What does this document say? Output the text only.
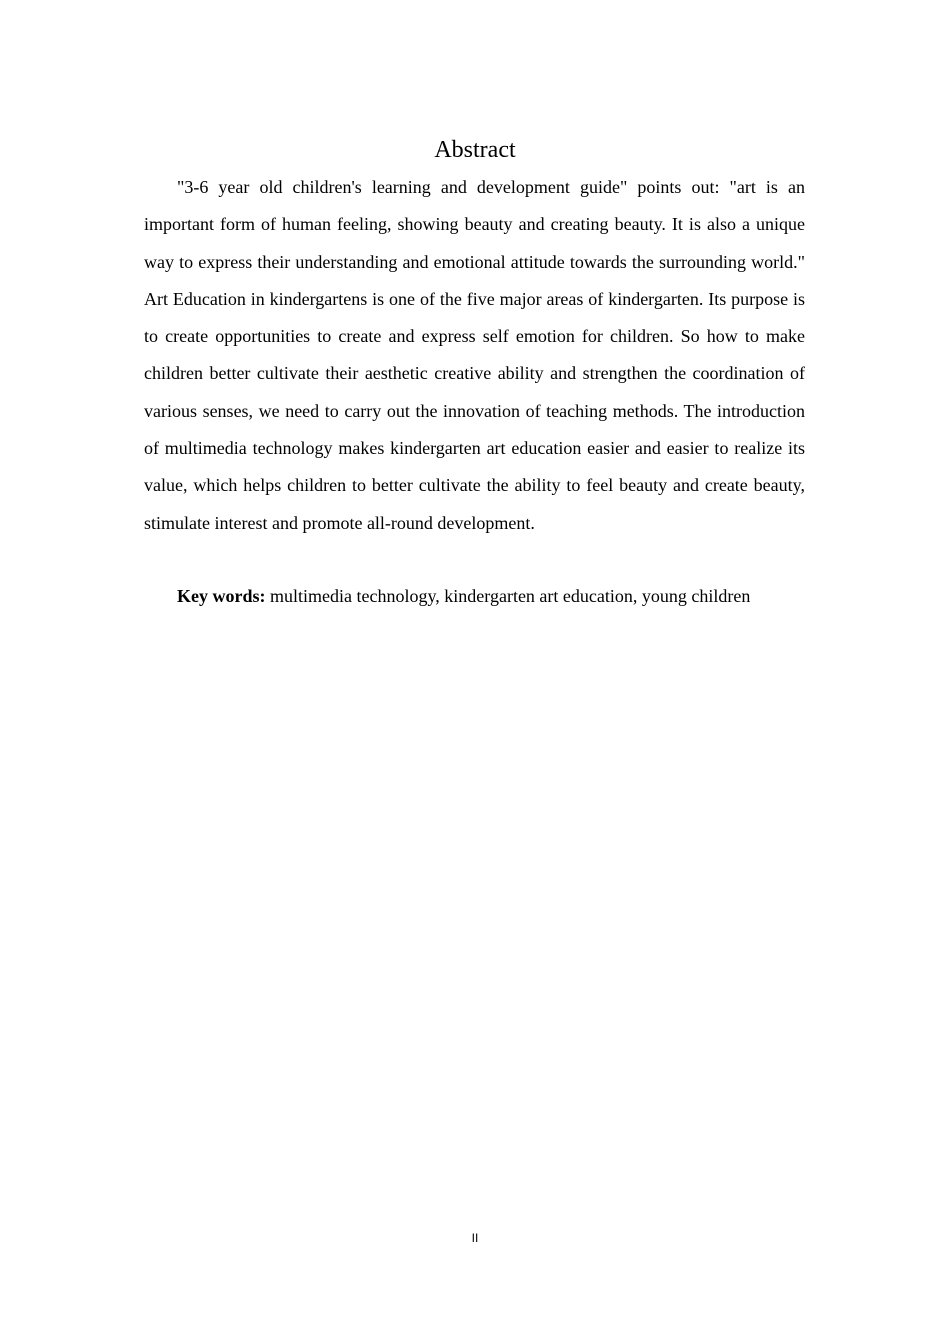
Abstract

"3-6 year old children's learning and development guide" points out: "art is an important form of human feeling, showing beauty and creating beauty. It is also a unique way to express their understanding and emotional attitude towards the surrounding world." Art Education in kindergartens is one of the five major areas of kindergarten. Its purpose is to create opportunities to create and express self emotion for children. So how to make children better cultivate their aesthetic creative ability and strengthen the coordination of various senses, we need to carry out the innovation of teaching methods. The introduction of multimedia technology makes kindergarten art education easier and easier to realize its value, which helps children to better cultivate the ability to feel beauty and create beauty, stimulate interest and promote all-round development.

Key words: multimedia technology, kindergarten art education, young children

II
